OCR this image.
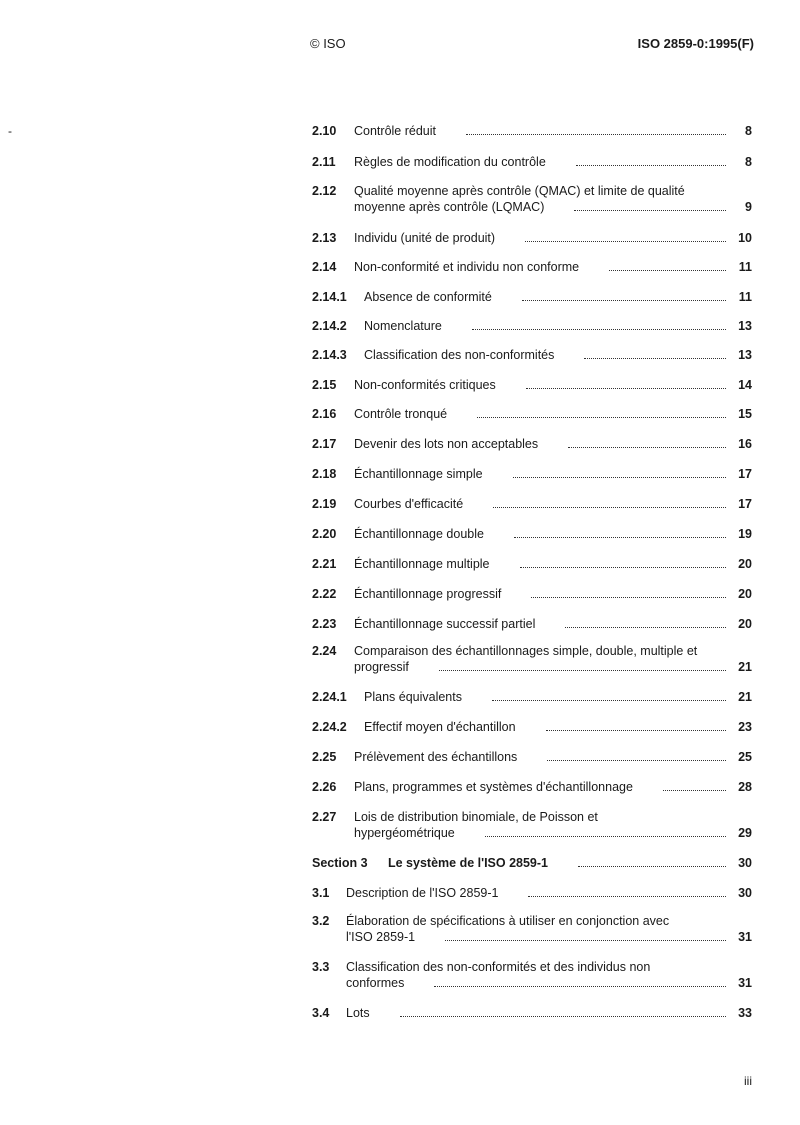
© ISO	ISO 2859-0:1995(F)
-	2.10 Contrôle réduit	8
2.11 Règles de modification du contrôle	8
2.12 Qualité moyenne après contrôle (QMAC) et limite de qualité
moyenne après contrôle (LQMAC)	9
2.13 Individu (unité de produit)	10
2.14 Non-conformité et individu non conforme	11
2.14.1 Absence de conformité	11
2.14.2 Nomenclature	13
2.14.3 Classification des non-conformités	13
2.15 Non-conformités critiques	14
2.16 Contrôle tronqué	15
2.17 Devenir des lots non acceptables	16
2.18 Échantillonnage simple	17
2.19 Courbes d'efficacité	17
2.20 Échantillonnage double	19
2.21 Échantillonnage multiple	20
2.22 Échantillonnage progressif	20
2.23 Échantillonnage successif partiel	20
2.24 Comparaison des échantillonnages simple, double, multiple et
progressif	21
2.24.1 Plans équivalents	21
2.24.2 Effectif moyen d'échantillon	23
2.25 Prélèvement des échantillons	25
2.26 Plans, programmes et systèmes d'échantillonnage	28
2.27 Lois de distribution binomiale, de Poisson et
hypergéométrique	29
Section 3 Le système de l'ISO 2859-1	30
3.1 Description de l'ISO 2859-1	30
3.2 Élaboration de spécifications à utiliser en conjonction avec
l'ISO 2859-1	31
3.3 Classification des non-conformités et des individus non
conformes	31
3.4 Lots	33
iii
